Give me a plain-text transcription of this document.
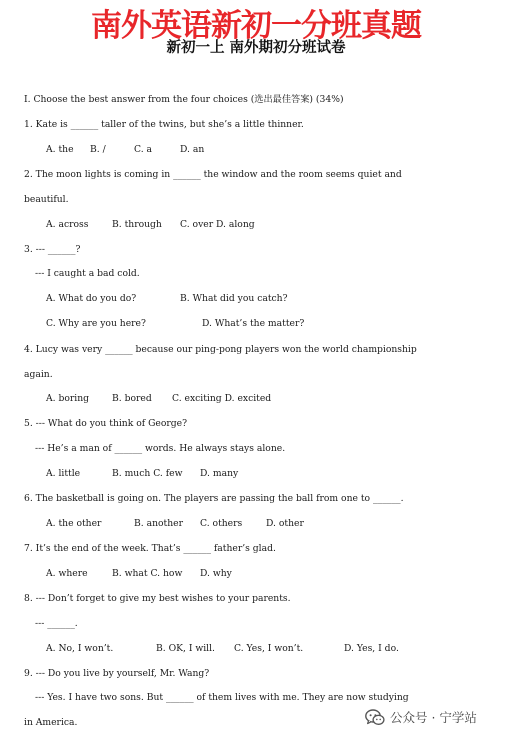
南外英语新初一分班真题
新初一上 南外期初分班试卷
I. Choose the best answer from the four choices (选出最佳答案) (34%)
1. Kate is ______ taller of the twins, but she’s a little thinner.
A. the B. /	C. a	D. an
2. The moon lights is coming in ______ the window and the room seems quiet and
beautiful.
A. across	B. through C. over D. along
3. --- ______?
--- I caught a bad cold.
A. What do you do?	B. What did you catch?
C. Why are you here?	D. What’s the matter?
4. Lucy was very ______ because our ping-pong players won the world championship
again.
A. boring B. bored C. exciting D. excited
5. --- What do you think of George?
--- He’s a man of ______ words. He always stays alone.
A. little	B. much C. few D. many
6. The basketball is going on. The players are passing the ball from one to ______.
A. the other	B. another C. others	D. other
7. It’s the end of the week. That’s ______ father’s glad.
A. where	B. what C. how D. why
8. --- Don’t forget to give my best wishes to your parents.
--- ______.
A. No, I won’t.	B. OK, I will. C. Yes, I won’t.	D. Yes, I do.
9. --- Do you live by yourself, Mr. Wang?
--- Yes. I have two sons. But ______ of them lives with me. They are now studying
in America.	公众号 · 宁学站
